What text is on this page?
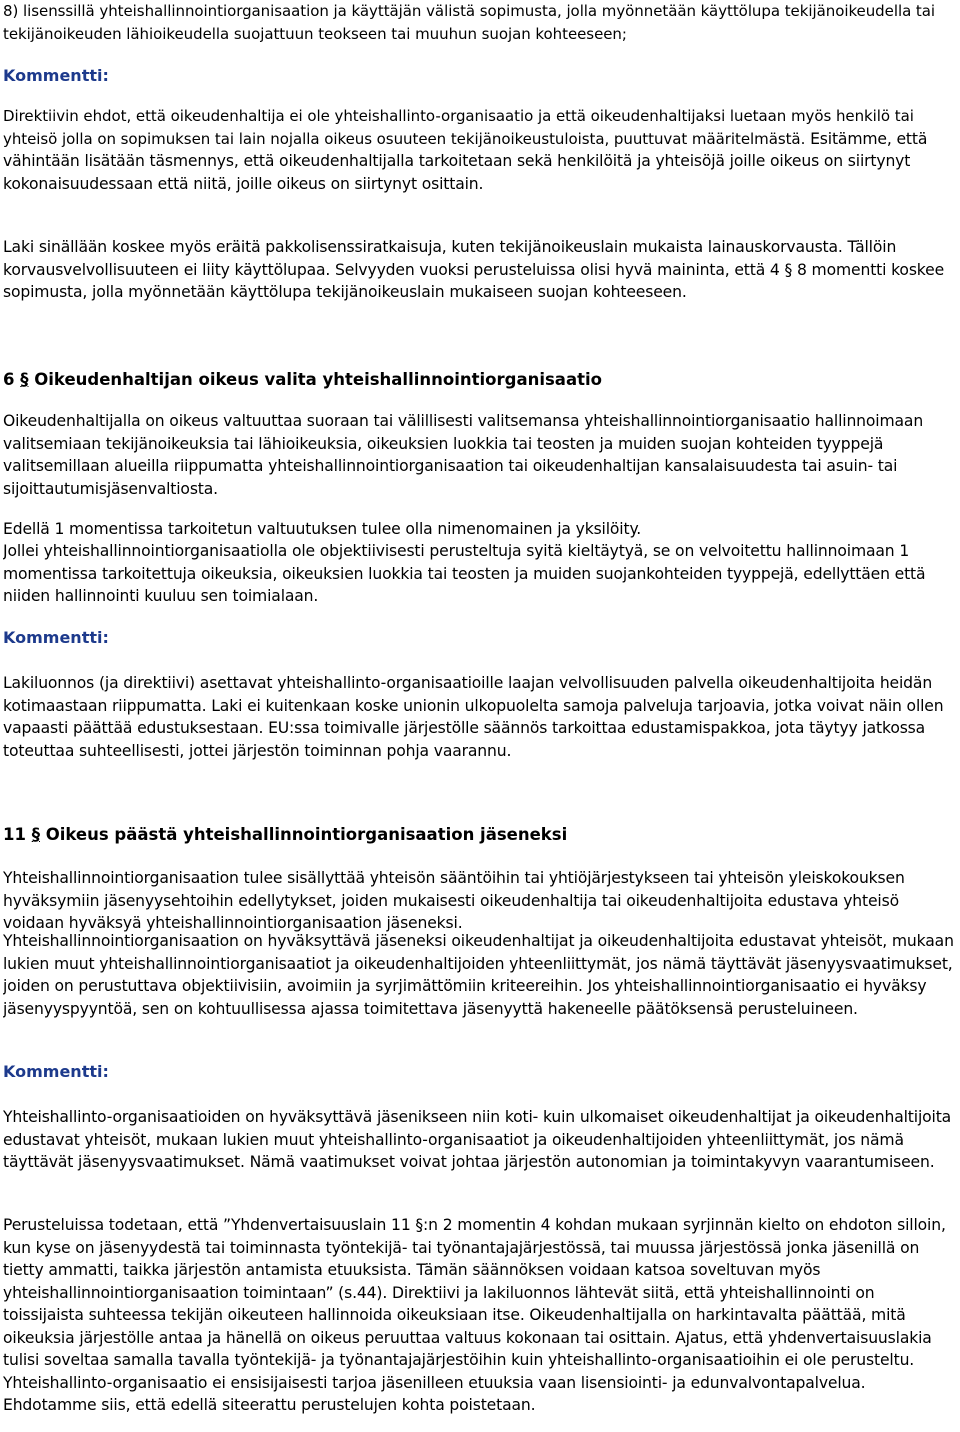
8) lisenssillä yhteishallinnointiorganisaation ja käyttäjän välistä sopimusta, jolla myönnetään käyttölupa tekijänoikeudella tai tekijänoikeuden lähioikeudella suojattuun teokseen tai muuhun suojan kohteeseen;

Kommentti:

Direktiivin ehdot, että oikeudenhaltija ei ole yhteishallinto-organisaatio ja että oikeudenhaltijaksi luetaan myös henkilö tai yhteisö jolla on sopimuksen tai lain nojalla oikeus osuuteen tekijänoikeustuloista, puuttuvat määritelmästä. Esitämme, että vähintään lisätään täsmennys, että oikeudenhaltijalla tarkoitetaan sekä henkilöitä ja yhteisöjä joille oikeus on siirtynyt kokonaisuudessaan että niitä, joille oikeus on siirtynyt osittain.

Laki sinällään koskee myös eräitä pakkolisenssiratkaisuja, kuten tekijänoikeuslain mukaista lainauskorvausta. Tällöin korvausvelvollisuuteen ei liity käyttölupaa. Selvyyden vuoksi perusteluissa olisi hyvä maininta, että 4 § 8 momentti koskee sopimusta, jolla myönnetään käyttölupa tekijänoikeuslain mukaiseen suojan kohteeseen.

6 § Oikeudenhaltijan oikeus valita yhteishallinnointiorganisaatio

Oikeudenhaltijalla on oikeus valtuuttaa suoraan tai välillisesti valitsemansa yhteishallinnointiorganisaatio hallinnoimaan valitsemiaan tekijänoikeuksia tai lähioikeuksia, oikeuksien luokkia tai teosten ja muiden suojan kohteiden tyyppejä valitsemillaan alueilla riippumatta yhteishallinnointiorganisaation tai oikeudenhaltijan kansalaisuudesta tai asuin- tai sijoittautumisjäsenvaltiosta.

Edellä 1 momentissa tarkoitetun valtuutuksen tulee olla nimenomainen ja yksilöity.

Jollei yhteishallinnointiorganisaatiolla ole objektiivisesti perusteltuja syitä kieltäytyä, se on velvoitettu hallinnoimaan 1 momentissa tarkoitettuja oikeuksia, oikeuksien luokkia tai teosten ja muiden suojankohteiden tyyppejä, edellyttäen että niiden hallinnointi kuuluu sen toimialaan.

Kommentti:

Lakiluonnos (ja direktiivi) asettavat yhteishallinto-organisaatioille laajan velvollisuuden palvella oikeudenhaltijoita heidän kotimaastaan riippumatta. Laki ei kuitenkaan koske unionin ulkopuolelta samoja palveluja tarjoavia, jotka voivat näin ollen vapaasti päättää edustuksestaan. EU:ssa toimivalle järjestölle säännös tarkoittaa edustamispakkoa, jota täytyy jatkossa toteuttaa suhteellisesti, jottei järjestön toiminnan pohja vaarannu.

11 § Oikeus päästä yhteishallinnointiorganisaation jäseneksi

Yhteishallinnointiorganisaation tulee sisällyttää yhteisön sääntöihin tai yhtiöjärjestykseen tai yhteisön yleiskokouksen hyväksymiin jäsenyysehtoihin edellytykset, joiden mukaisesti oikeudenhaltija tai oikeudenhaltijoita edustava yhteisö voidaan hyväksyä yhteishallinnointiorganisaation jäseneksi.

Yhteishallinnointiorganisaation on hyväksyttävä jäseneksi oikeudenhaltijat ja oikeudenhaltijoita edustavat yhteisöt, mukaan lukien muut yhteishallinnointiorganisaatiot ja oikeudenhaltijoiden yhteenliittymät, jos nämä täyttävät jäsenyysvaatimukset, joiden on perustuttava objektiivisiin, avoimiin ja syrjimättömiin kriteereihin. Jos yhteishallinnointiorganisaatio ei hyväksy jäsenyyspyyntöä, sen on kohtuullisessa ajassa toimitettava jäsenyyttä hakeneelle päätöksensä perusteluineen.

Kommentti:

Yhteishallinto-organisaatioiden on hyväksyttävä jäsenikseen niin koti- kuin ulkomaiset oikeudenhaltijat ja oikeudenhaltijoita edustavat yhteisöt, mukaan lukien muut yhteishallinto-organisaatiot ja oikeudenhaltijoiden yhteenliittymät, jos nämä täyttävät jäsenyysvaatimukset. Nämä vaatimukset voivat johtaa järjestön autonomian ja toimintakyvyn vaarantumiseen.

Perusteluissa todetaan, että ”Yhdenvertaisuuslain 11 §:n 2 momentin 4 kohdan mukaan syrjinnän kielto on ehdoton silloin, kun kyse on jäsenyydestä tai toiminnasta työntekijä- tai työnantajajärjestössä, tai muussa järjestössä jonka jäsenillä on tietty ammatti, taikka järjestön antamista etuuksista. Tämän säännöksen voidaan katsoa soveltuvan myös yhteishallinnointiorganisaation toimintaan” (s.44). Direktiivi ja lakiluonnos lähtevät siitä, että yhteishallinnointi on toissijaista suhteessa tekijän oikeuteen hallinnoida oikeuksiaan itse. Oikeudenhaltijalla on harkintavalta päättää, mitä oikeuksia järjestölle antaa ja hänellä on oikeus peruuttaa valtuus kokonaan tai osittain. Ajatus, että yhdenvertaisuuslakia tulisi soveltaa samalla tavalla työntekijä- ja työnantajajärjestöihin kuin yhteishallinto-organisaatioihin ei ole perusteltu. Yhteishallinto-organisaatio ei ensisijaisesti tarjoa jäsenilleen etuuksia vaan lisensiointi- ja edunvalvontapalvelua. Ehdotamme siis, että edellä siteerattu perustelujen kohta poistetaan.
